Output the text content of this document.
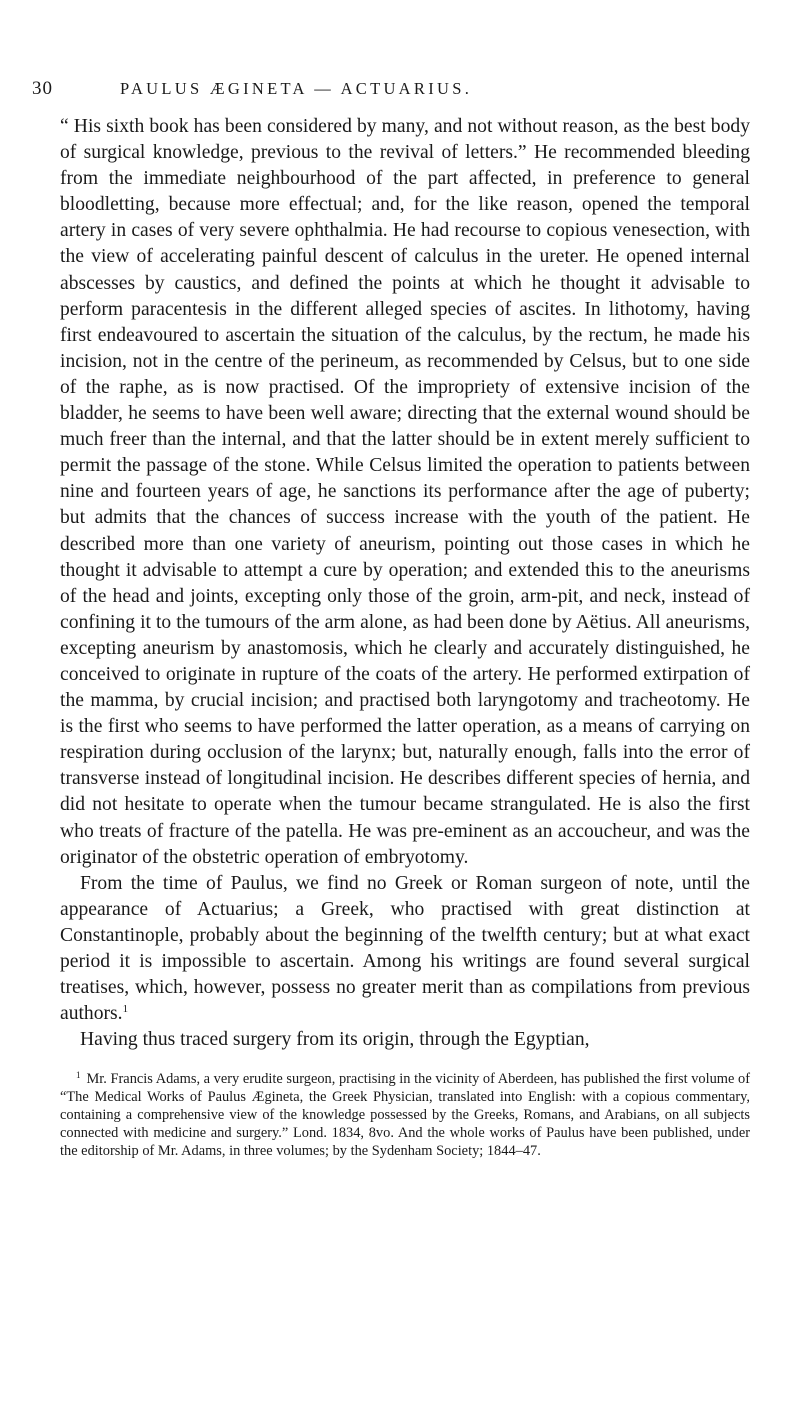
30	PAULUS ÆGINETA — ACTUARIUS.

“ His sixth book has been considered by many, and not without reason, as the best body of surgical knowledge, previous to the revival of letters.” He recommended bleeding from the immediate neighbourhood of the part affected, in preference to general bloodletting, because more effectual; and, for the like reason, opened the temporal artery in cases of very severe ophthalmia. He had recourse to copious venesection, with the view of accelerating painful descent of calculus in the ureter. He opened internal abscesses by caustics, and defined the points at which he thought it advisable to perform paracentesis in the different alleged species of ascites. In lithotomy, having first endeavoured to ascertain the situation of the calculus, by the rectum, he made his incision, not in the centre of the perineum, as recommended by Celsus, but to one side of the raphe, as is now practised. Of the impropriety of extensive incision of the bladder, he seems to have been well aware; directing that the external wound should be much freer than the internal, and that the latter should be in extent merely sufficient to permit the passage of the stone. While Celsus limited the operation to patients between nine and fourteen years of age, he sanctions its performance after the age of puberty; but admits that the chances of success increase with the youth of the patient. He described more than one variety of aneurism, pointing out those cases in which he thought it advisable to attempt a cure by operation; and extended this to the aneurisms of the head and joints, excepting only those of the groin, arm-pit, and neck, instead of confining it to the tumours of the arm alone, as had been done by Aëtius. All aneurisms, excepting aneurism by anastomosis, which he clearly and accurately distinguished, he conceived to originate in rupture of the coats of the artery. He performed extirpation of the mamma, by crucial incision; and practised both laryngotomy and tracheotomy. He is the first who seems to have performed the latter operation, as a means of carrying on respiration during occlusion of the larynx; but, naturally enough, falls into the error of transverse instead of longitudinal incision. He describes different species of hernia, and did not hesitate to operate when the tumour became strangulated. He is also the first who treats of fracture of the patella. He was pre-eminent as an accoucheur, and was the originator of the obstetric operation of embryotomy.

From the time of Paulus, we find no Greek or Roman surgeon of note, until the appearance of Actuarius; a Greek, who practised with great distinction at Constantinople, probably about the beginning of the twelfth century; but at what exact period it is impossible to ascertain. Among his writings are found several surgical treatises, which, however, possess no greater merit than as compilations from previous authors.$^1$

Having thus traced surgery from its origin, through the Egyptian,

$^1$ Mr. Francis Adams, a very erudite surgeon, practising in the vicinity of Aberdeen, has published the first volume of “The Medical Works of Paulus Ægineta, the Greek Physician, translated into English: with a copious commentary, containing a comprehensive view of the knowledge possessed by the Greeks, Romans, and Arabians, on all subjects connected with medicine and surgery.” Lond. 1834, 8vo. And the whole works of Paulus have been published, under the editorship of Mr. Adams, in three volumes; by the Sydenham Society; 1844–47.
